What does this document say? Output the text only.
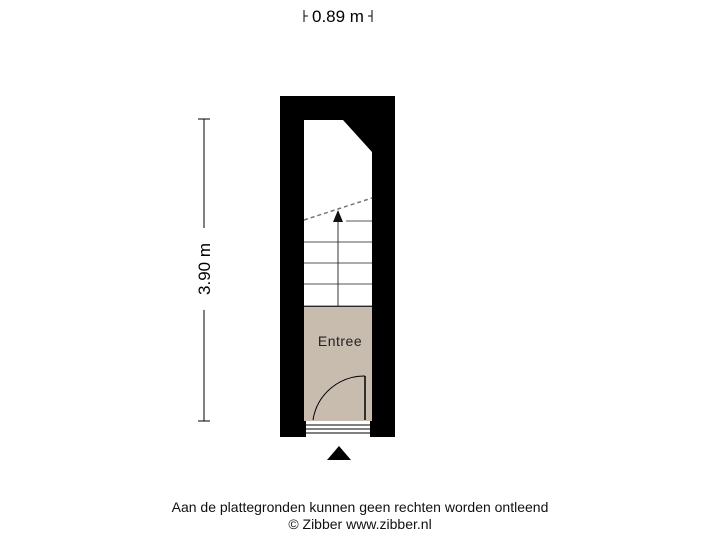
0.89 m
3.90 m
Entree
Aan de plattegronden kunnen geen rechten worden ontleend
© Zibber www.zibber.nl
